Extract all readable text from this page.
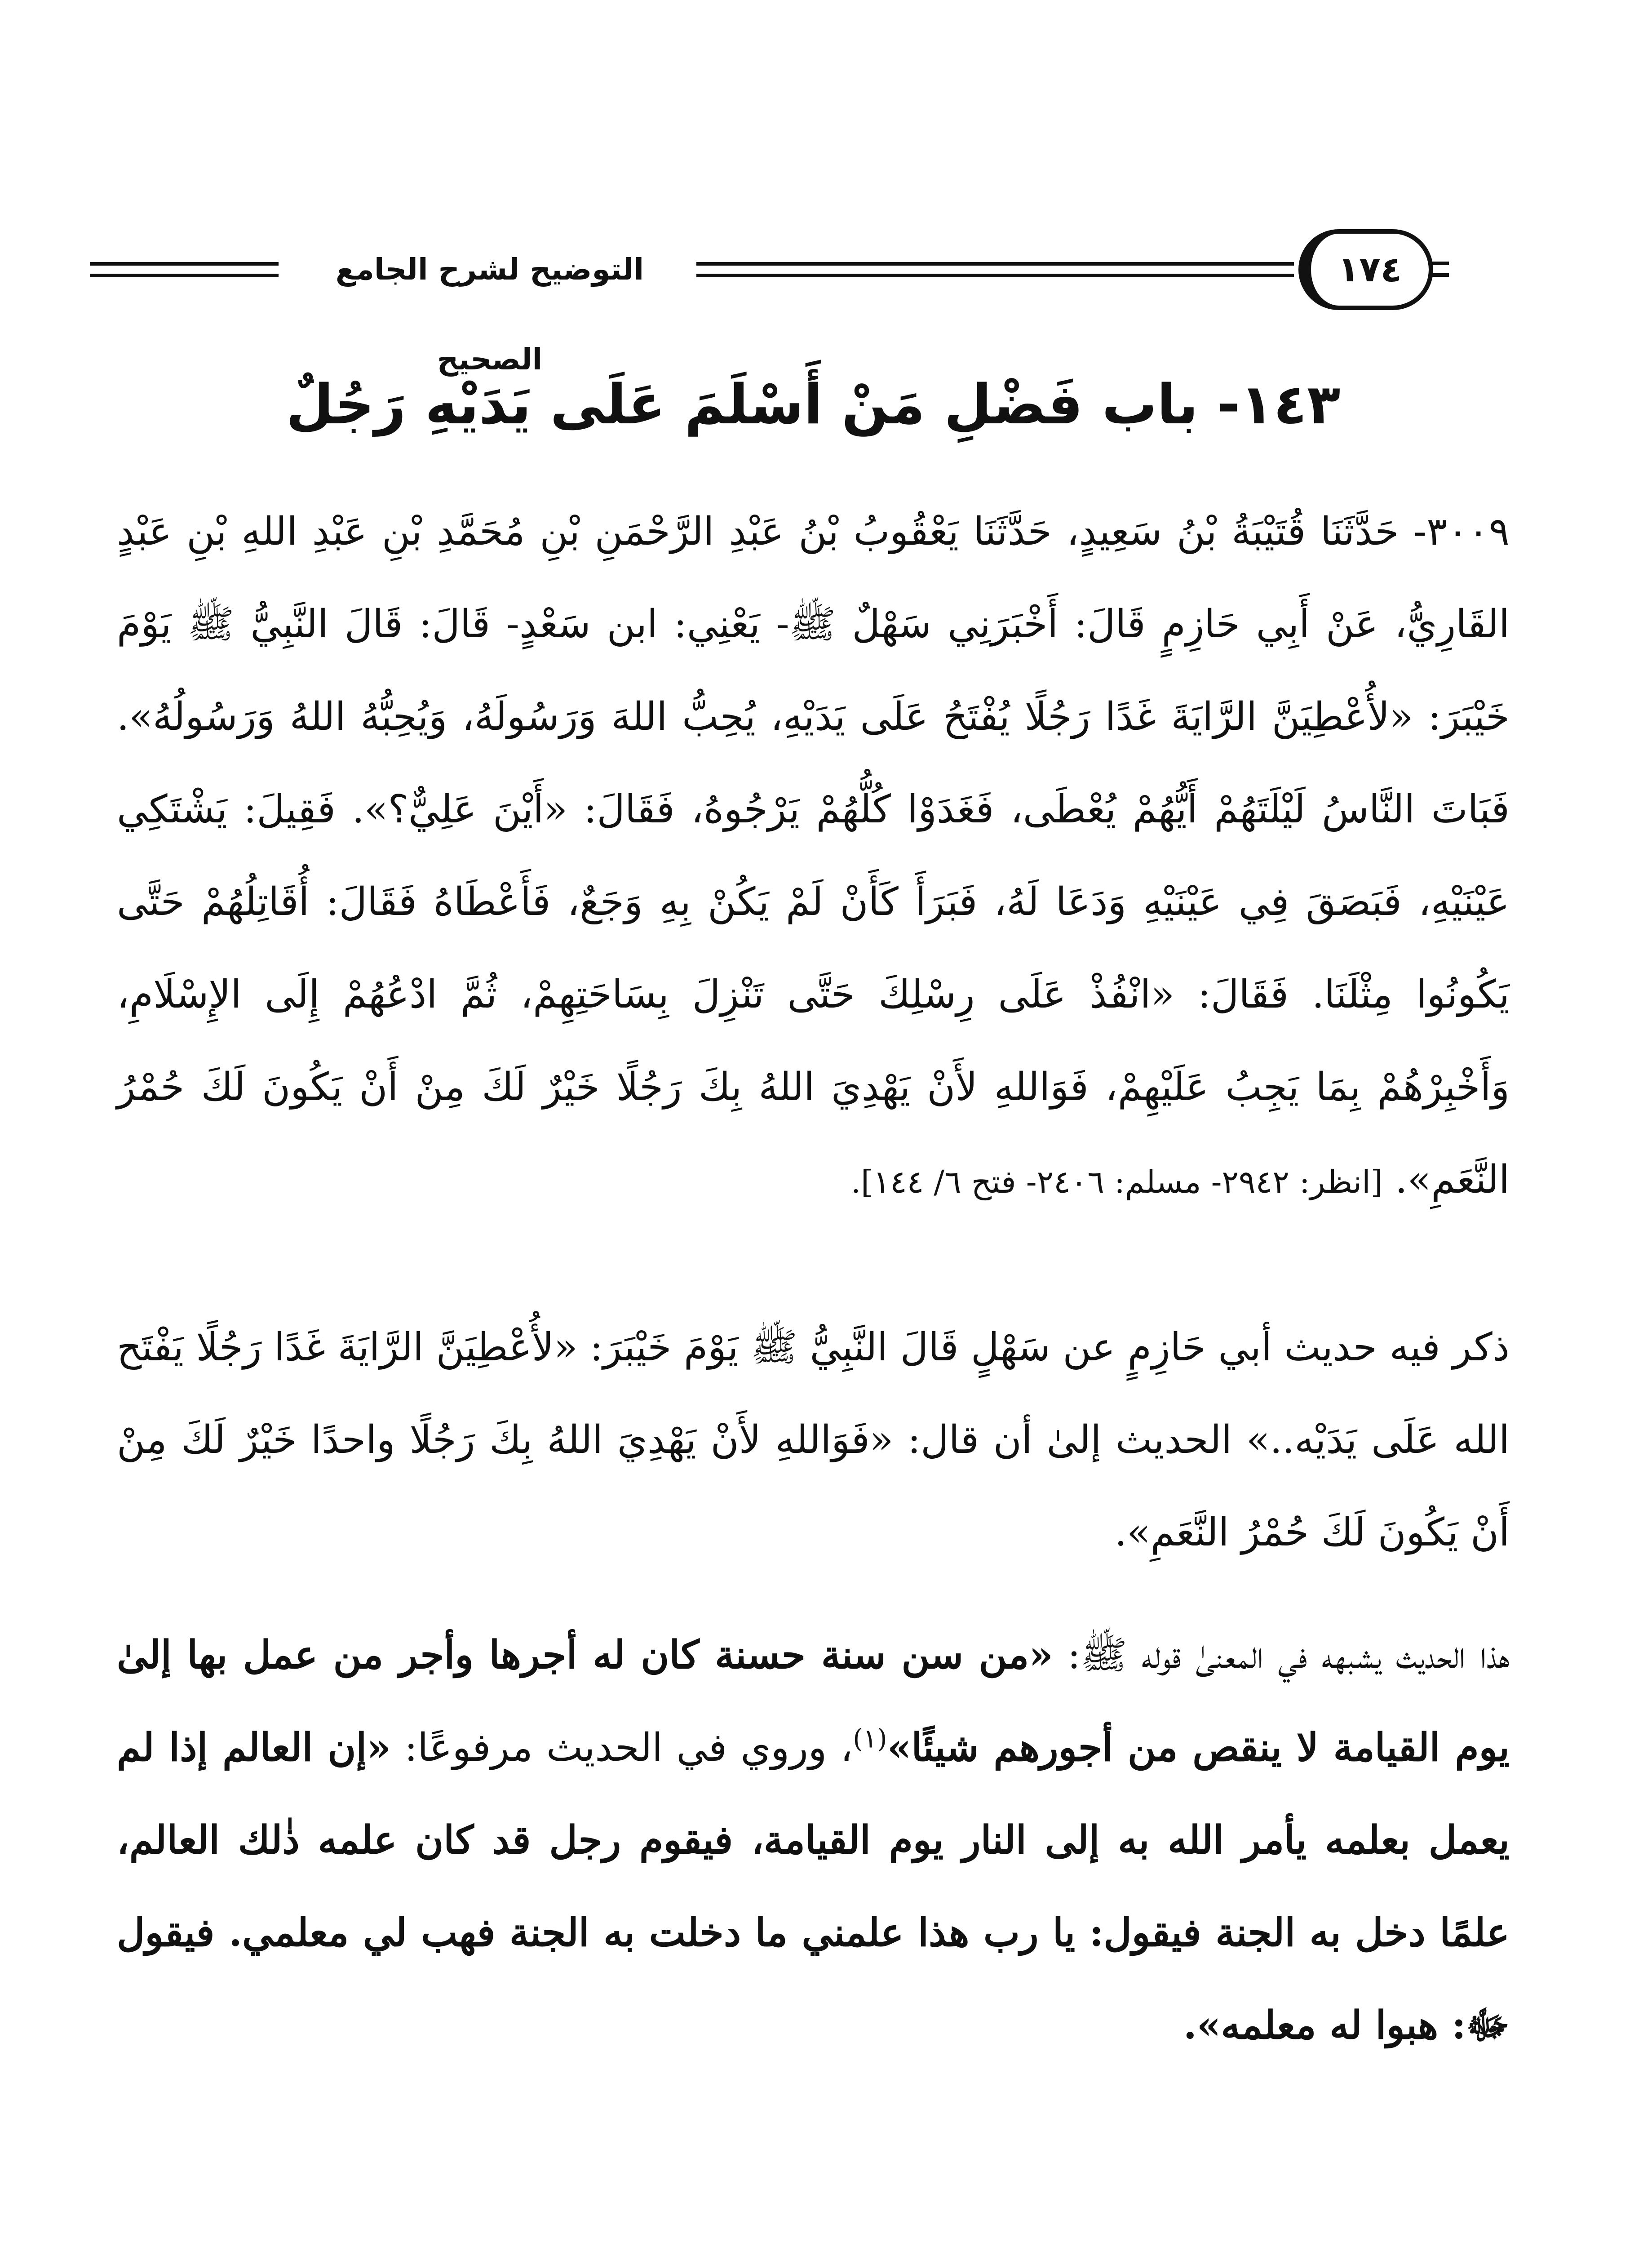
التوضيح لشرح الجامع الصحيح
١٧٤
١٤٣- باب فَضْلِ مَنْ أَسْلَمَ عَلَى يَدَيْهِ رَجُلٌ
٣٠٠٩- حَدَّثَنَا قُتَيْبَةُ بْنُ سَعِيدٍ، حَدَّثَنَا يَعْقُوبُ بْنُ عَبْدِ الرَّحْمَنِ بْنِ مُحَمَّدِ بْنِ عَبْدِ اللهِ بْنِ عَبْدٍ القَارِيُّ، عَنْ أَبِي حَازِمٍ قَالَ: أَخْبَرَنِي سَهْلٌ ﷺ- يَعْنِي: ابن سَعْدٍ- قَالَ: قَالَ النَّبِيُّ ﷺ يَوْمَ خَيْبَرَ: «لأُعْطِيَنَّ الرَّايَةَ غَدًا رَجُلًا يُفْتَحُ عَلَى يَدَيْهِ، يُحِبُّ اللهَ وَرَسُولَهُ، وَيُحِبُّهُ اللهُ وَرَسُولُهُ». فَبَاتَ النَّاسُ لَيْلَتَهُمْ أَيُّهُمْ يُعْطَى، فَغَدَوْا كُلُّهُمْ يَرْجُوهُ، فَقَالَ: «أَيْنَ عَلِيٌّ؟». فَقِيلَ: يَشْتَكِي عَيْنَيْهِ، فَبَصَقَ فِي عَيْنَيْهِ وَدَعَا لَهُ، فَبَرَأَ كَأَنْ لَمْ يَكُنْ بِهِ وَجَعٌ، فَأَعْطَاهُ فَقَالَ: أُقَاتِلُهُمْ حَتَّى يَكُونُوا مِثْلَنَا. فَقَالَ: «انْفُذْ عَلَى رِسْلِكَ حَتَّى تَنْزِلَ بِسَاحَتِهِمْ، ثُمَّ ادْعُهُمْ إِلَى الإِسْلَامِ، وَأَخْبِرْهُمْ بِمَا يَجِبُ عَلَيْهِمْ، فَوَاللهِ لأَنْ يَهْدِيَ اللهُ بِكَ رَجُلًا خَيْرٌ لَكَ مِنْ أَنْ يَكُونَ لَكَ حُمْرُ النَّعَمِ». [انظر: ٢٩٤٢- مسلم: ٢٤٠٦- فتح ٦/ ١٤٤].
ذكر فيه حديث أبي حَازِمٍ عن سَهْلٍ قَالَ النَّبِيُّ ﷺ يَوْمَ خَيْبَرَ: «لأُعْطِيَنَّ الرَّايَةَ غَدًا رَجُلًا يَفْتَح الله عَلَى يَدَيْه..» الحديث إلىٰ أن قال: «فَوَاللهِ لأَنْ يَهْدِيَ اللهُ بِكَ رَجُلًا واحدًا خَيْرٌ لَكَ مِنْ أَنْ يَكُونَ لَكَ حُمْرُ النَّعَمِ».
هذا الحديث يشبهه في المعنىٰ قوله ﷺ: «من سن سنة حسنة كان له أجرها وأجر من عمل بها إلىٰ يوم القيامة لا ينقص من أجورهم شيئًا»$^{(١)}$، وروي في الحديث مرفوعًا: «إن العالم إذا لم يعمل بعلمه يأمر الله به إلى النار يوم القيامة، فيقوم رجل قد كان علمه ذٰلك العالم، علمًا دخل به الجنة فيقول: يا رب هذا علمني ما دخلت به الجنة فهب لي معلمي. فيقول ﷻ: هبوا له معلمه».
